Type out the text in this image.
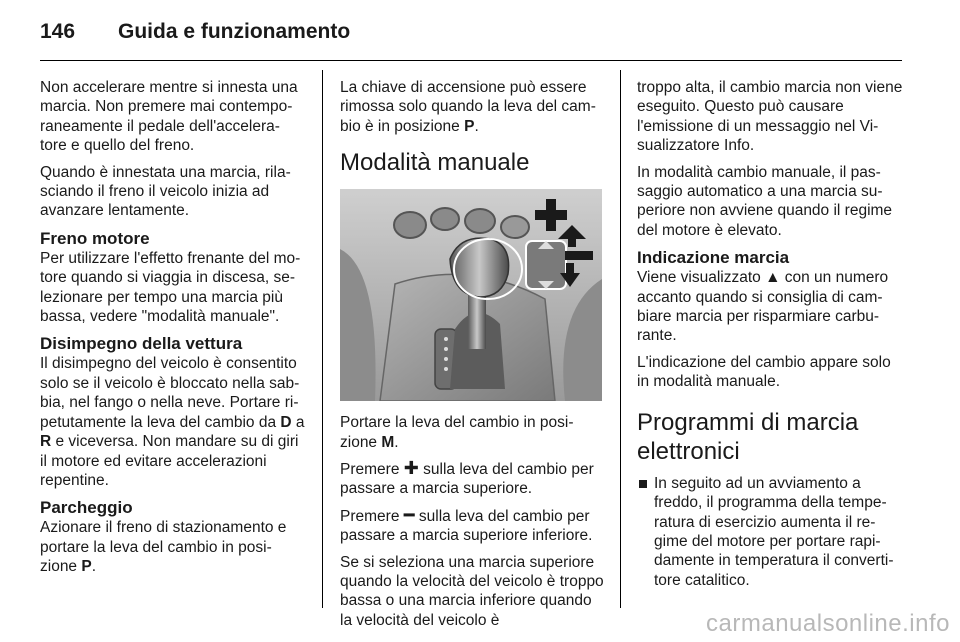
146 Guida e funzionamento

Non accelerare mentre si innesta una marcia. Non premere mai contempo-raneamente il pedale dell'accelera-tore e quello del freno.

Quando è innestata una marcia, rila-sciando il freno il veicolo inizia ad avanzare lentamente.

Freno motore

Per utilizzare l'effetto frenante del mo-tore quando si viaggia in discesa, se-lezionare per tempo una marcia più bassa, vedere "modalità manuale".

Disimpegno della vettura

Il disimpegno del veicolo è consentito solo se il veicolo è bloccato nella sab-bia, nel fango o nella neve. Portare ri-petutamente la leva del cambio da D a R e viceversa. Non mandare su di giri il motore ed evitare accelerazioni repentine.

Parcheggio

Azionare il freno di stazionamento e portare la leva del cambio in posi-zione P.

La chiave di accensione può essere rimossa solo quando la leva del cam-bio è in posizione P.

Modalità manuale

Portare la leva del cambio in posi-zione M.

Premere ✚ sulla leva del cambio per passare a marcia superiore.

Premere ━ sulla leva del cambio per passare a marcia superiore inferiore.

Se si seleziona una marcia superiore quando la velocità del veicolo è troppo bassa o una marcia inferiore quando la velocità del veicolo è

troppo alta, il cambio marcia non viene eseguito. Questo può causare l'emissione di un messaggio nel Vi-sualizzatore Info.

In modalità cambio manuale, il pas-saggio automatico a una marcia su-periore non avviene quando il regime del motore è elevato.

Indicazione marcia

Viene visualizzato ▲ con un numero accanto quando si consiglia di cam-biare marcia per risparmiare carbu-rante.

L'indicazione del cambio appare solo in modalità manuale.

Programmi di marcia elettronici
In seguito ad un avviamento a freddo, il programma della tempe-ratura di esercizio aumenta il re-gime del motore per portare rapi-damente in temperatura il converti-tore catalitico.
carmanualsonline.info
